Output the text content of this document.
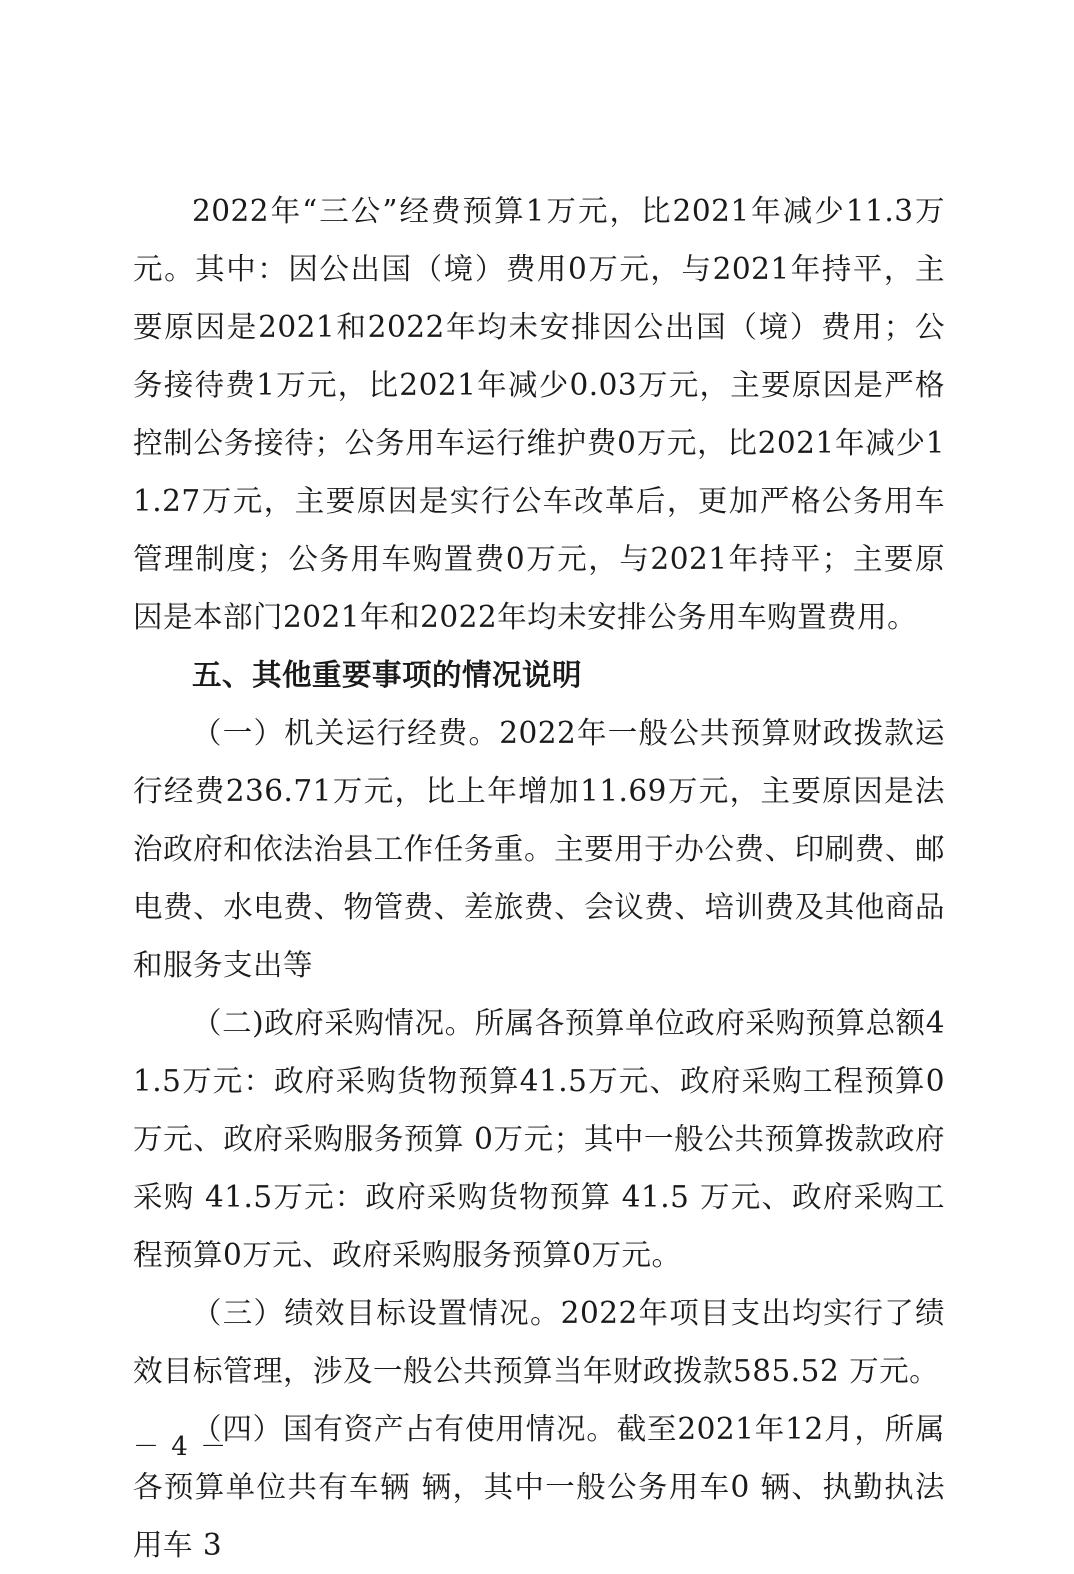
2022年“三公”经费预算1万元，比2021年减少11.3万元。其中：因公出国（境）费用0万元，与2021年持平，主要原因是2021和2022年均未安排因公出国（境）费用；公务接待费1万元，比2021年减少0.03万元，主要原因是严格控制公务接待；公务用车运行维护费0万元，比2021年减少11.27万元，主要原因是实行公车改革后，更加严格公务用车管理制度；公务用车购置费0万元，与2021年持平；主要原因是本部门2021年和2022年均未安排公务用车购置费用。

五、其他重要事项的情况说明

（一）机关运行经费。2022年一般公共预算财政拨款运行经费236.71万元，比上年增加11.69万元，主要原因是法治政府和依法治县工作任务重。主要用于办公费、印刷费、邮电费、水电费、物管费、差旅费、会议费、培训费及其他商品和服务支出等

（二)政府采购情况。所属各预算单位政府采购预算总额41.5万元：政府采购货物预算41.5万元、政府采购工程预算0万元、政府采购服务预算 0万元；其中一般公共预算拨款政府采购 41.5万元：政府采购货物预算 41.5 万元、政府采购工程预算0万元、政府采购服务预算0万元。

（三）绩效目标设置情况。2022年项目支出均实行了绩效目标管理，涉及一般公共预算当年财政拨款585.52 万元。

（四）国有资产占有使用情况。截至2021年12月，所属各预算单位共有车辆 辆，其中一般公务用车0 辆、执勤执法用车 3

－ 4 －
